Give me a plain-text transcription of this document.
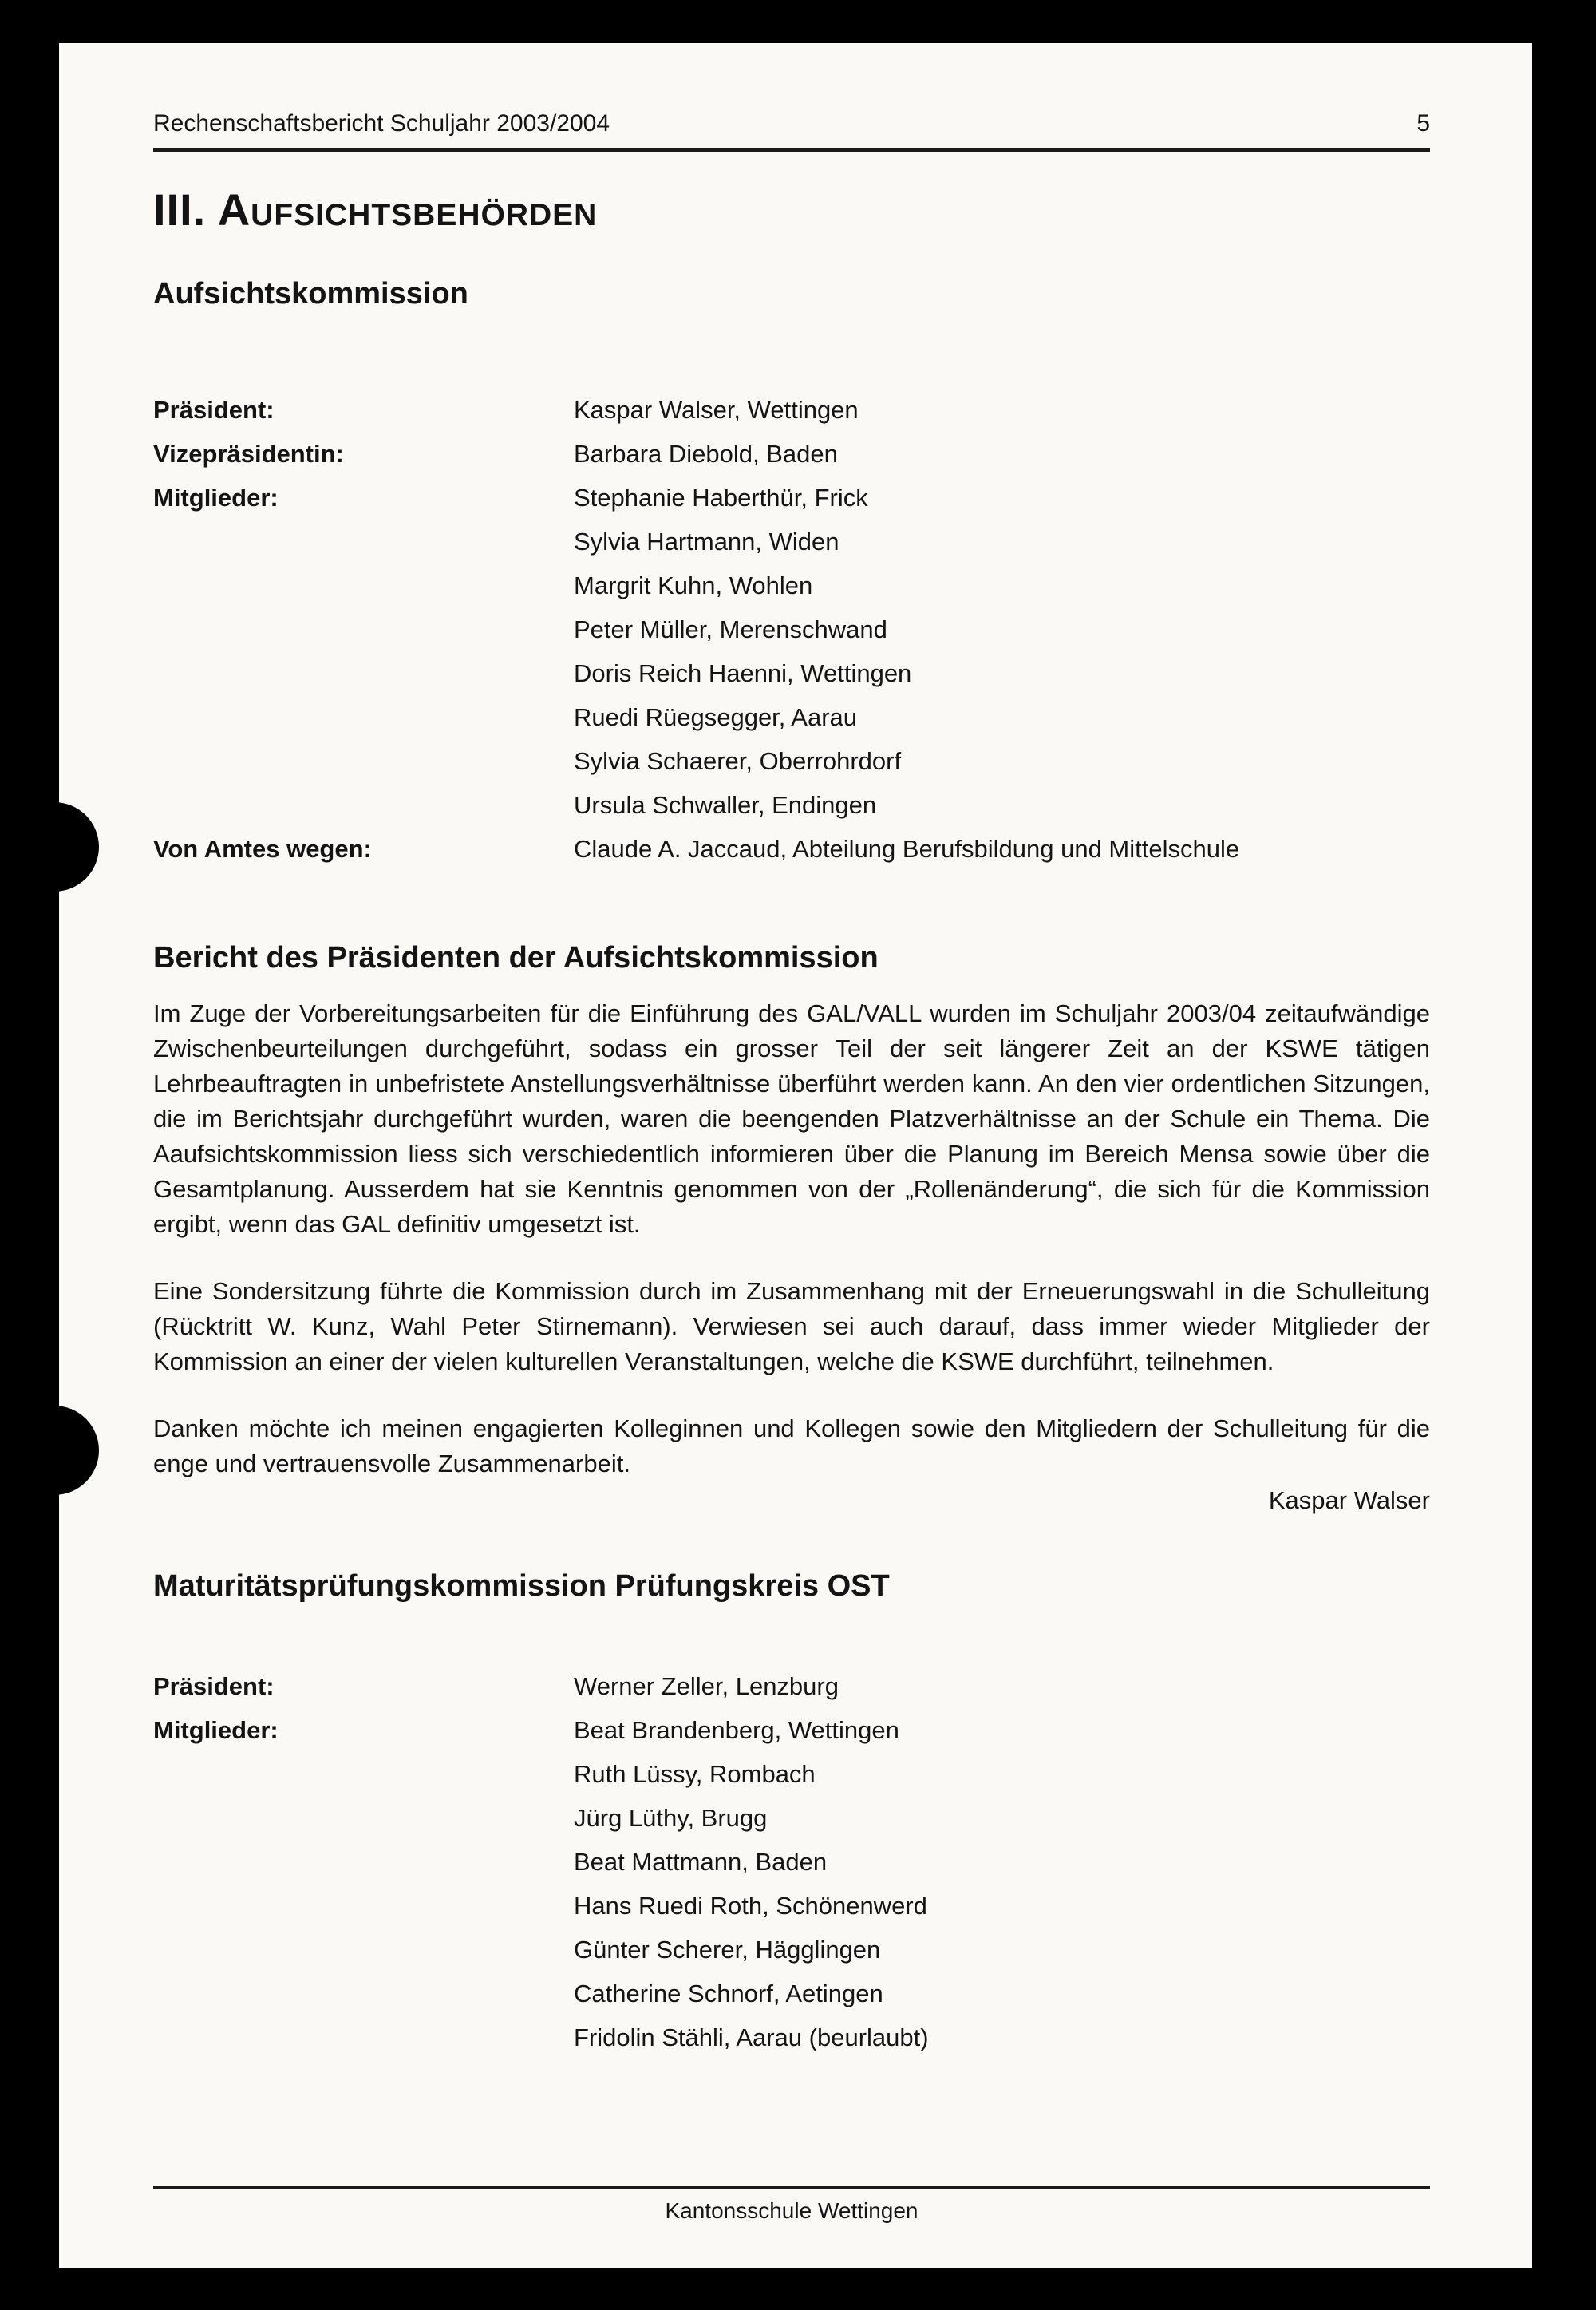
Rechenschaftsbericht Schuljahr 2003/2004	5
III. Aufsichtsbehörden
Aufsichtskommission
Präsident:	Kaspar Walser, Wettingen
Vizepräsidentin:	Barbara Diebold, Baden
Mitglieder:	Stephanie Haberthür, Frick
Sylvia Hartmann, Widen
Margrit Kuhn, Wohlen
Peter Müller, Merenschwand
Doris Reich Haenni, Wettingen
Ruedi Rüegsegger, Aarau
Sylvia Schaerer, Oberrohrdorf
Ursula Schwaller, Endingen
Von Amtes wegen:	Claude A. Jaccaud, Abteilung Berufsbildung und Mittelschule
Bericht des Präsidenten der Aufsichtskommission

Im Zuge der Vorbereitungsarbeiten für die Einführung des GAL/VALL wurden im Schuljahr 2003/04 zeitaufwändige Zwischenbeurteilungen durchgeführt, sodass ein grosser Teil der seit längerer Zeit an der KSWE tätigen Lehrbeauftragten in unbefristete Anstellungsverhältnisse überführt werden kann. An den vier ordentlichen Sitzungen, die im Berichtsjahr durchgeführt wurden, waren die beengenden Platzverhältnisse an der Schule ein Thema. Die Aaufsichtskommission liess sich verschiedentlich informieren über die Planung im Bereich Mensa sowie über die Gesamtplanung. Ausserdem hat sie Kenntnis genommen von der „Rollenänderung“, die sich für die Kommission ergibt, wenn das GAL definitiv umgesetzt ist.

Eine Sondersitzung führte die Kommission durch im Zusammenhang mit der Erneuerungswahl in die Schulleitung (Rücktritt W. Kunz, Wahl Peter Stirnemann). Verwiesen sei auch darauf, dass immer wieder Mitglieder der Kommission an einer der vielen kulturellen Veranstaltungen, welche die KSWE durchführt, teilnehmen.

Danken möchte ich meinen engagierten Kolleginnen und Kollegen sowie den Mitgliedern der Schulleitung für die enge und vertrauensvolle Zusammenarbeit.

Kaspar Walser
Maturitätsprüfungskommission Prüfungskreis OST
Präsident:	Werner Zeller, Lenzburg
Mitglieder:	Beat Brandenberg, Wettingen
Ruth Lüssy, Rombach
Jürg Lüthy, Brugg
Beat Mattmann, Baden
Hans Ruedi Roth, Schönenwerd
Günter Scherer, Hägglingen
Catherine Schnorf, Aetingen
Fridolin Stähli, Aarau (beurlaubt)
Kantonsschule Wettingen
